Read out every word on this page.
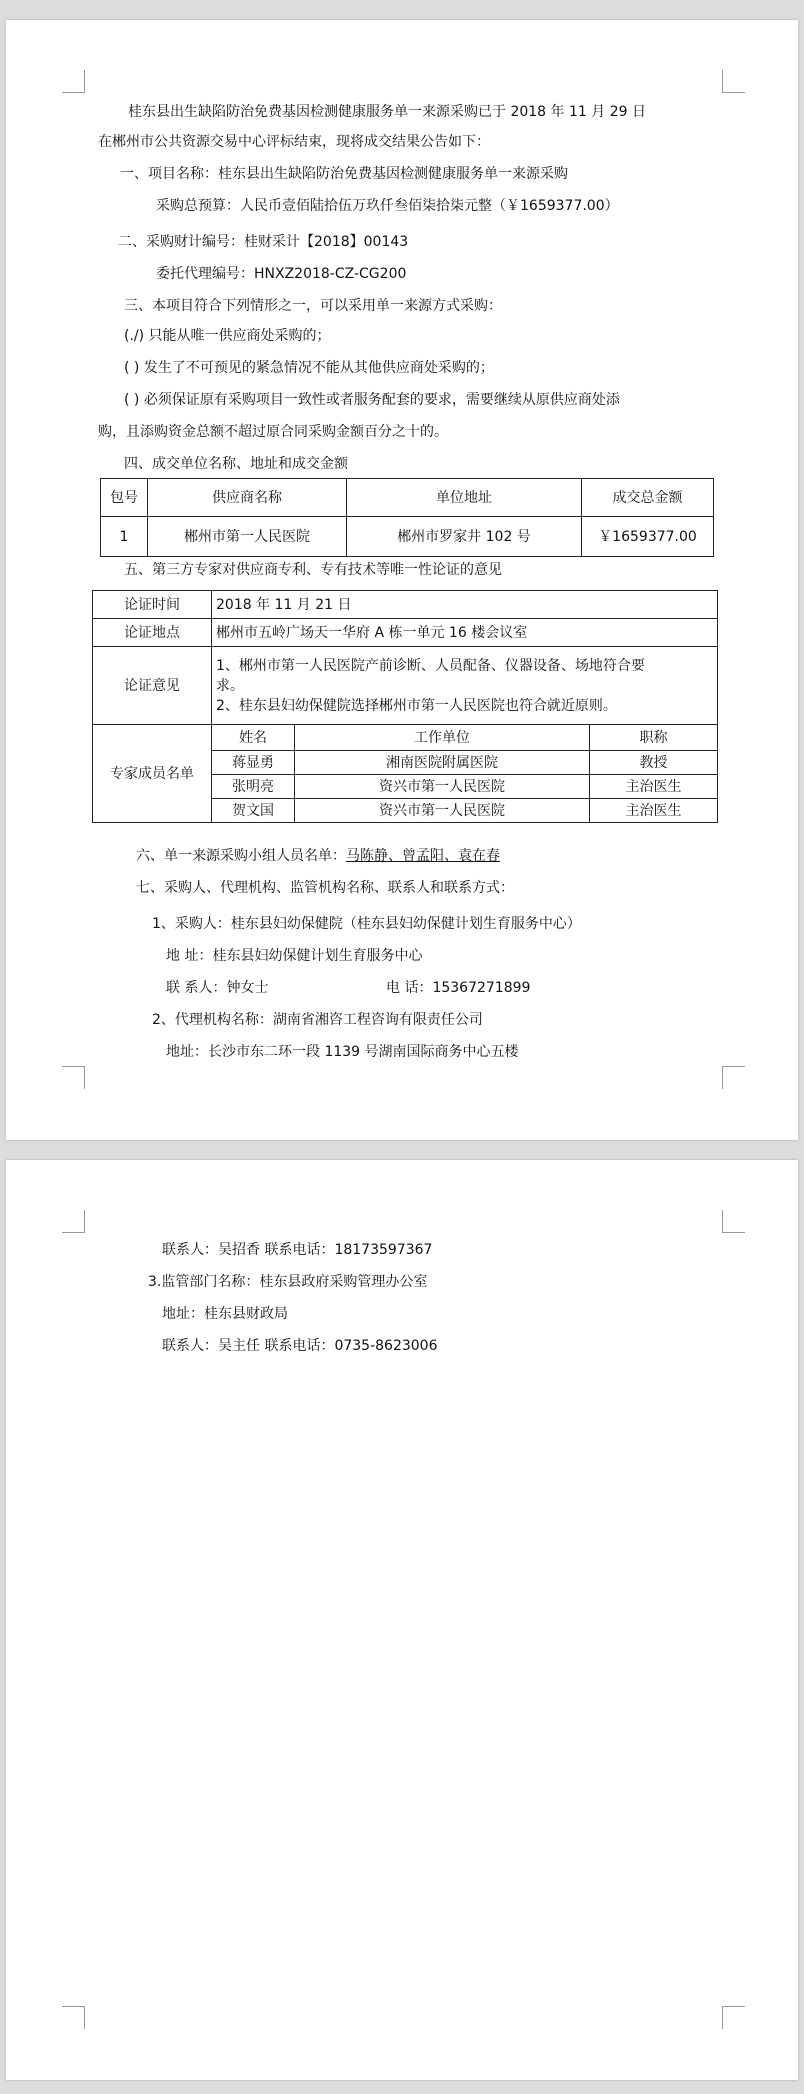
桂东县出生缺陷防治免费基因检测健康服务单一来源采购已于 2018 年 11 月 29 日
在郴州市公共资源交易中心评标结束，现将成交结果公告如下：
一、项目名称：桂东县出生缺陷防治免费基因检测健康服务单一来源采购
采购总预算：人民币壹佰陆拾伍万玖仟叁佰柒拾柒元整（￥1659377.00）
二、采购财计编号：桂财采计【2018】00143
委托代理编号：HNXZ2018-CZ-CG200
三、本项目符合下列情形之一，可以采用单一来源方式采购：
(./) 只能从唯一供应商处采购的；
( ) 发生了不可预见的紧急情况不能从其他供应商处采购的；
( ) 必须保证原有采购项目一致性或者服务配套的要求，需要继续从原供应商处添
购，且添购资金总额不超过原合同采购金额百分之十的。
四、成交单位名称、地址和成交金额
包号	供应商名称	单位地址	成交总金额
1	郴州市第一人民医院	郴州市罗家井 102 号	￥1659377.00
五、第三方专家对供应商专利、专有技术等唯一性论证的意见
论证时间	2018 年 11 月 21 日		
论证地点	郴州市五岭广场天一华府 A 栋一单元 16 楼会议室		
论证意见	1、郴州市第一人民医院产前诊断、人员配备、仪器设备、场地符合要
求。
2、桂东县妇幼保健院选择郴州市第一人民医院也符合就近原则。		

专家成员名单	姓名	工作单位	职称
	蒋显勇	湘南医院附属医院	教授
	张明亮	资兴市第一人民医院	主治医生
	贺文国	资兴市第一人民医院	主治医生
六、单一来源采购小组人员名单：马陈静、曾孟阳、袁在春
七、采购人、代理机构、监管机构名称、联系人和联系方式：
1、采购人：桂东县妇幼保健院（桂东县妇幼保健计划生育服务中心）
地 址：桂东县妇幼保健计划生育服务中心
联 系人：钟女士	电 话：15367271899
2、代理机构名称：湖南省湘咨工程咨询有限责任公司
地址：长沙市东二环一段 1139 号湖南国际商务中心五楼
联系人：吴招香 联系电话：18173597367
3.监管部门名称：桂东县政府采购管理办公室
地址：桂东县财政局
联系人：吴主任 联系电话：0735-8623006
